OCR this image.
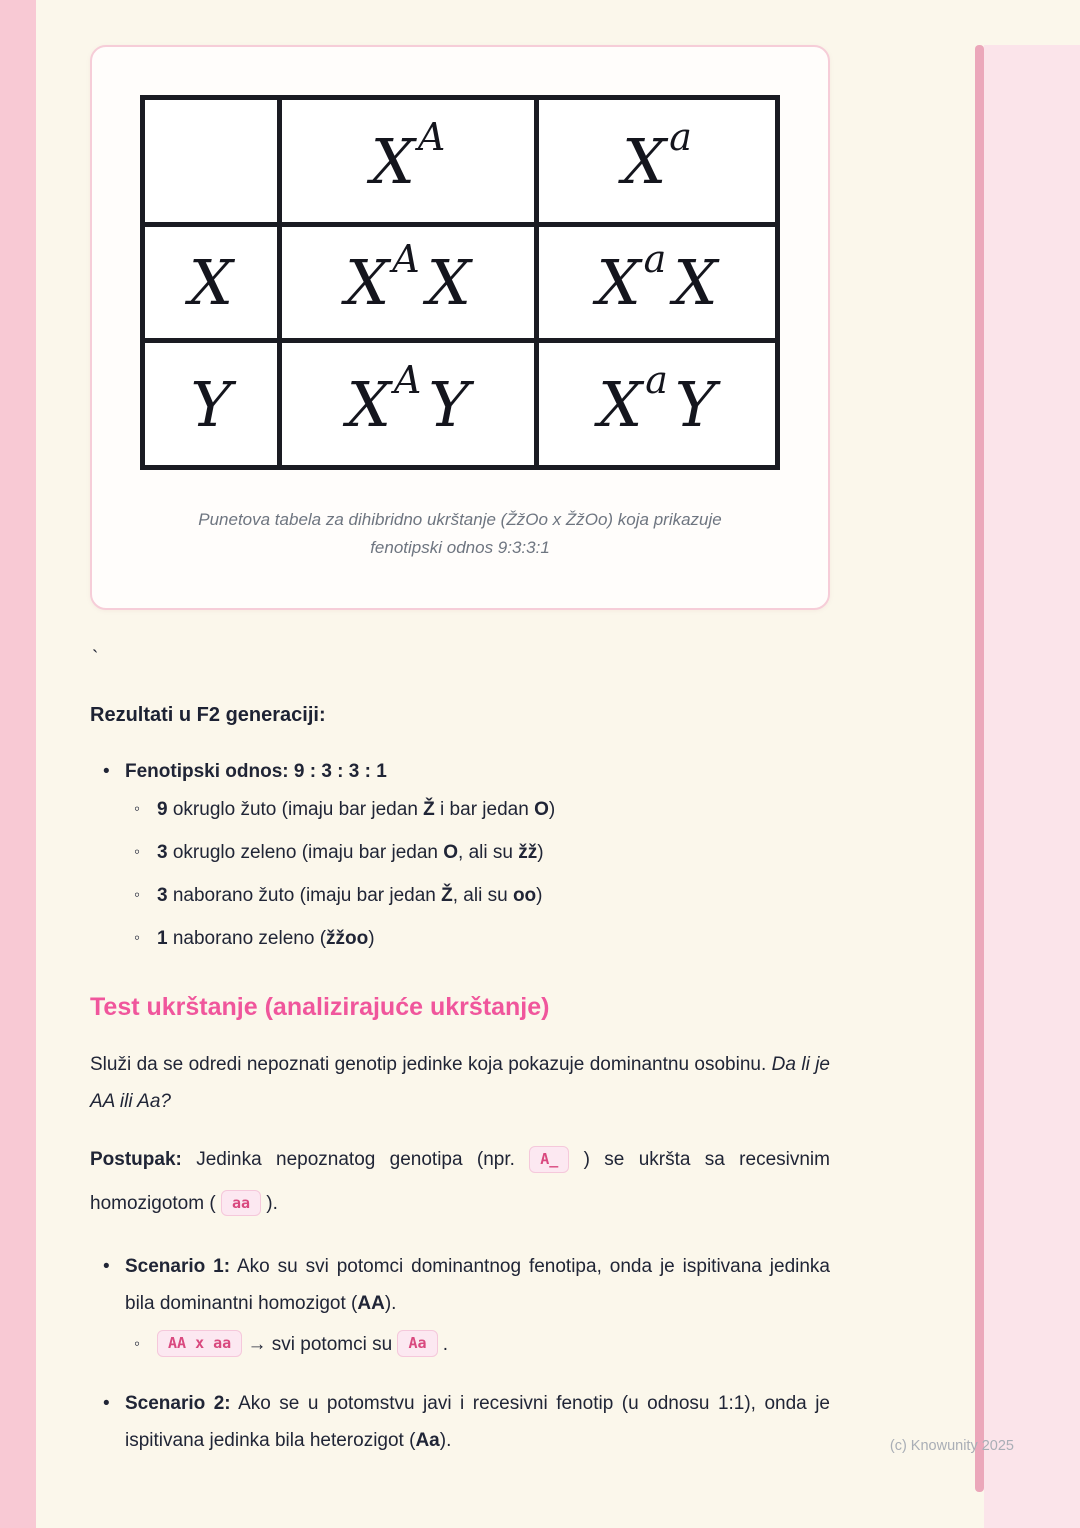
X A	X a
X X A X X a X
Y X A Y X a Y
Punetova tabela za dihibridno ukrštanje (ŽžOo x ŽžOo) koja prikazuje
fenotipski odnos 9:3:3:1
`
Rezultati u F2 generaciji:
• Fenotipski odnos: 9 : 3 : 3 : 1
◦ 9 okruglo žuto (imaju bar jedan Ž i bar jedan O)
◦ 3 okruglo zeleno (imaju bar jedan O, ali su žž)
◦ 3 naborano žuto (imaju bar jedan Ž, ali su oo)
◦ 1 naborano zeleno (žžoo)
Test ukrštanje (analizirajuće ukrštanje)

Služi da se odredi nepoznati genotip jedinke koja pokazuje dominantnu osobinu. Da li je AA ili Aa?

Postupak: Jedinka nepoznatog genotipa (npr. A_ ) se ukršta sa recesivnim homozigotom ( aa ).

• Scenario 1: Ako su svi potomci dominantnog fenotipa, onda je ispitivana jedinka bila dominantni homozigot (AA).
◦ AA x aa → svi potomci su Aa .
• Scenario 2: Ako se u potomstvu javi i recesivni fenotip (u odnosu 1:1), onda je ispitivana jedinka bila heterozigot (Aa).	(c) Knowunity 2025
